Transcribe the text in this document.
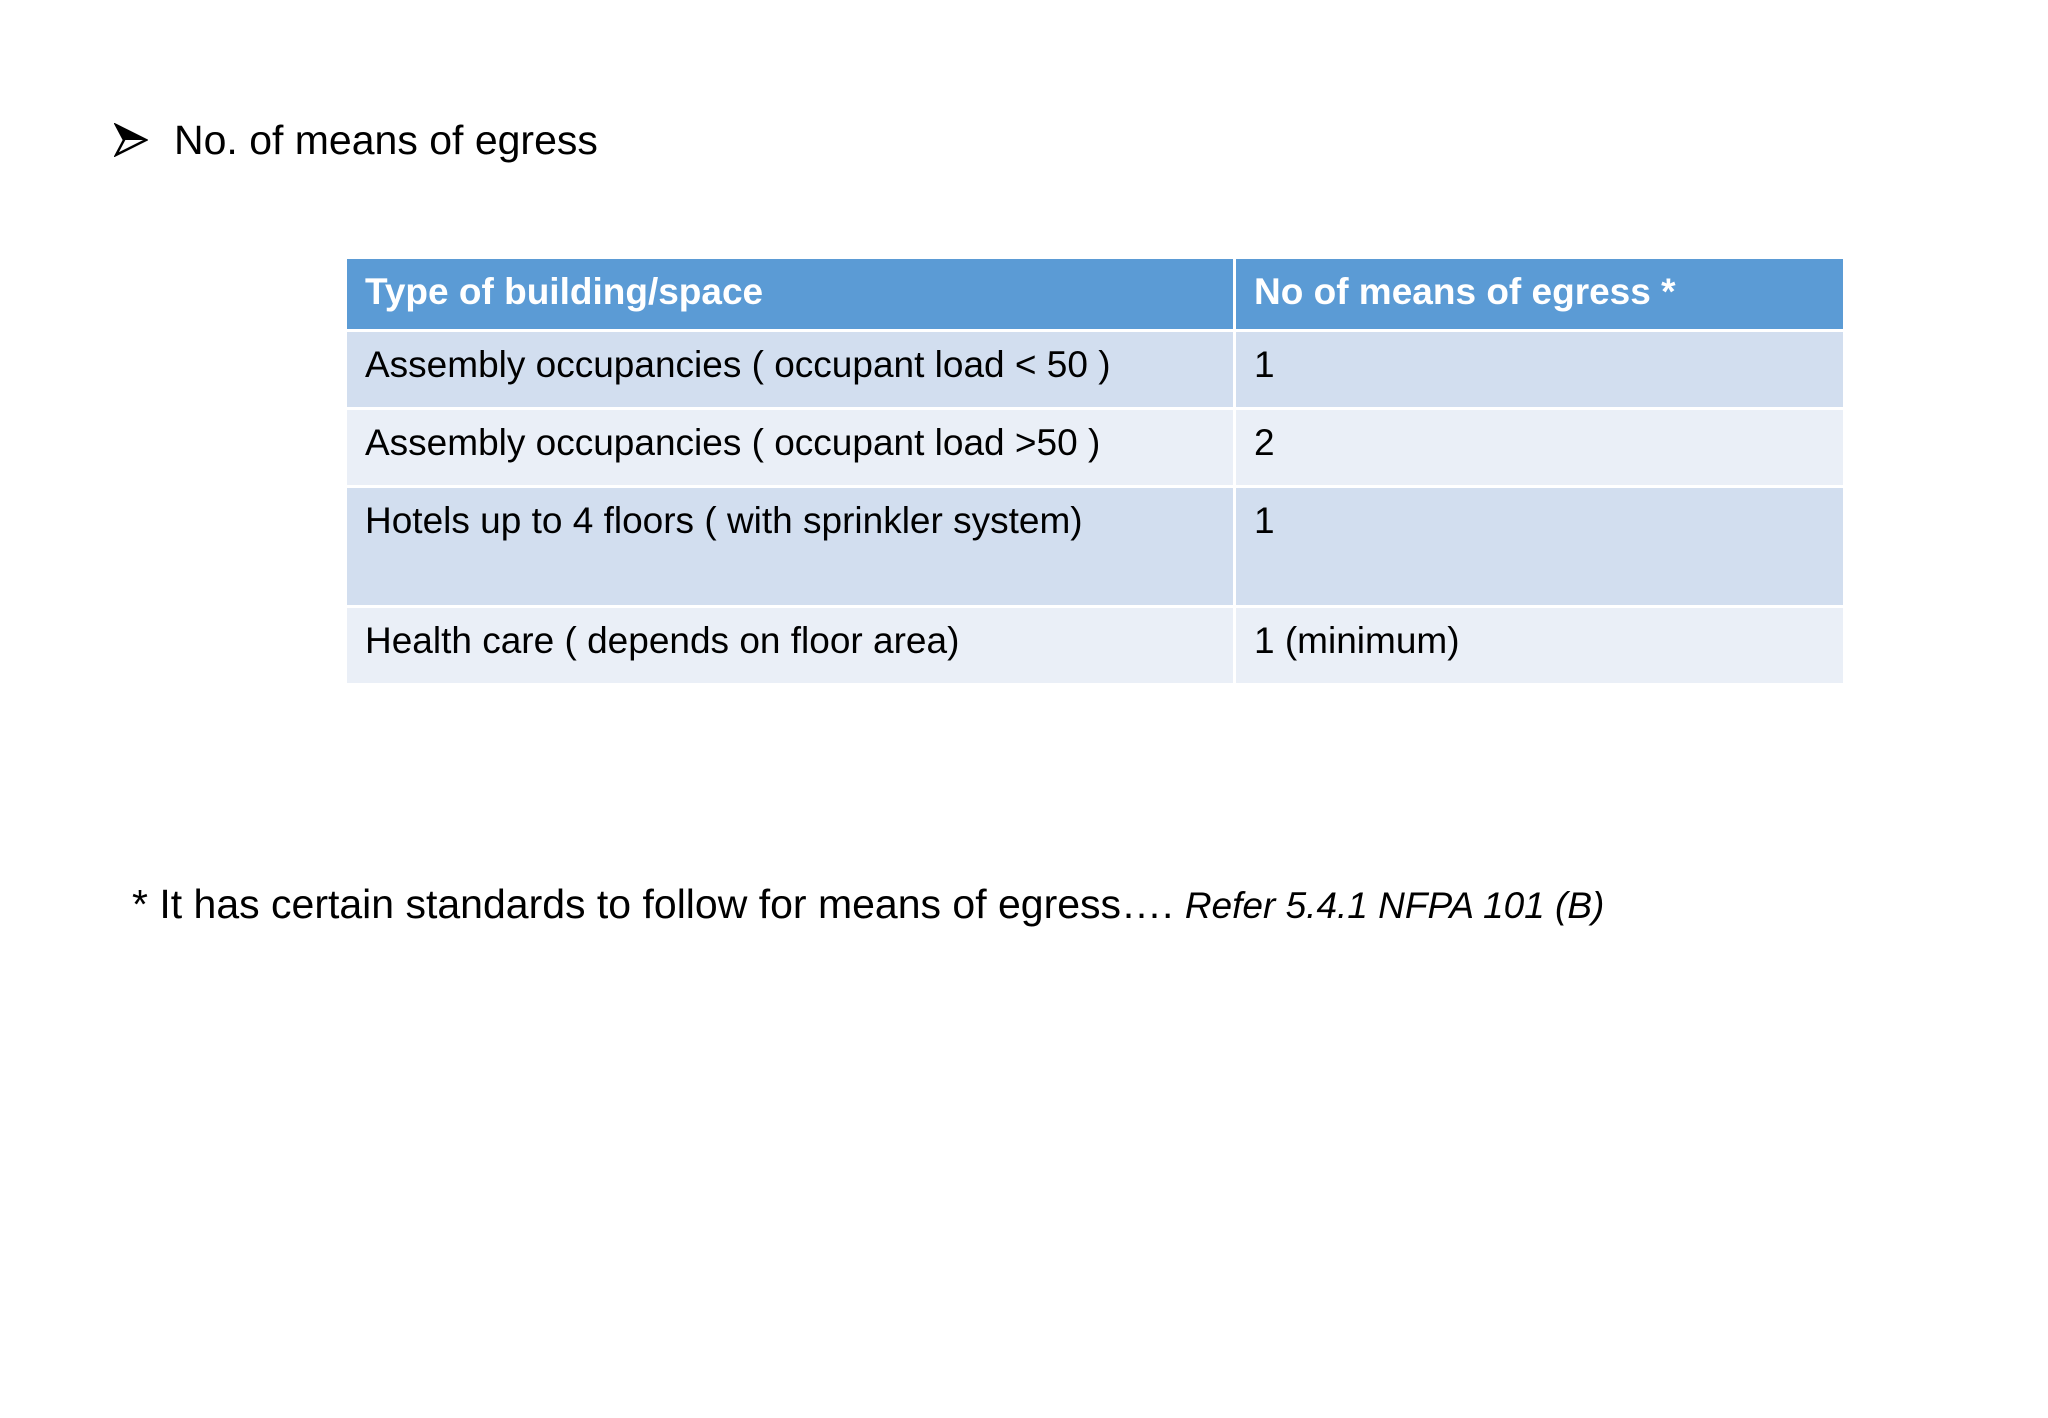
No. of means of egress
Type of building/space	No of means of egress *
Assembly occupancies ( occupant load < 50 )	1
Assembly occupancies ( occupant load >50 )	2
Hotels up to 4 floors ( with sprinkler system)	1
Health care ( depends on floor area)	1 (minimum)
* It has certain standards to follow for means of egress…. Refer 5.4.1 NFPA 101 (B)
